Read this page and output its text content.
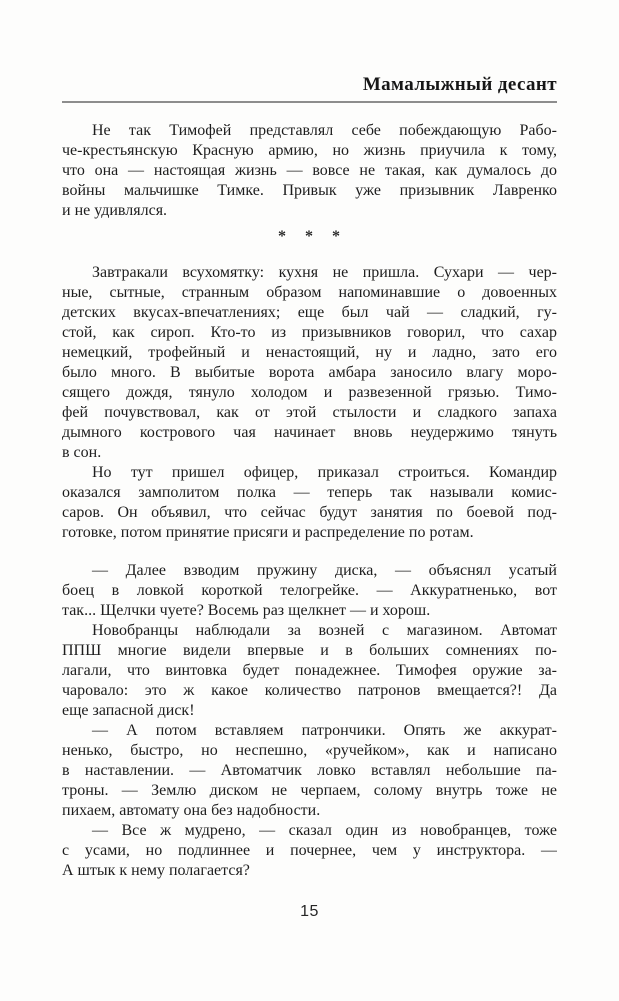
Мамалыжный десант
Не так Тимофей представлял себе побеждающую Рабо-
че-крестьянскую Красную армию, но жизнь приучила к тому,
что она — настоящая жизнь — вовсе не такая, как думалось до
войны мальчишке Тимке. Привык уже призывник Лавренко
и не удивлялся.
* * *
Завтракали всухомятку: кухня не пришла. Сухари — чер-
ные, сытные, странным образом напоминавшие о довоенных
детских вкусах-впечатлениях; еще был чай — сладкий, гу-
стой, как сироп. Кто-то из призывников говорил, что сахар
немецкий, трофейный и ненастоящий, ну и ладно, зато его
было много. В выбитые ворота амбара заносило влагу моро-
сящего дождя, тянуло холодом и развезенной грязью. Тимо-
фей почувствовал, как от этой стылости и сладкого запаха
дымного кострового чая начинает вновь неудержимо тянуть
в сон.
Но тут пришел офицер, приказал строиться. Командир
оказался замполитом полка — теперь так называли комис-
саров. Он объявил, что сейчас будут занятия по боевой под-
готовке, потом принятие присяги и распределение по ротам.
— Далее взводим пружину диска, — объяснял усатый
боец в ловкой короткой телогрейке. — Аккуратненько, вот
так... Щелчки чуете? Восемь раз щелкнет — и хорош.
Новобранцы наблюдали за возней с магазином. Автомат
ППШ многие видели впервые и в больших сомнениях по-
лагали, что винтовка будет понадежнее. Тимофея оружие за-
чаровало: это ж какое количество патронов вмещается?! Да
еще запасной диск!
— А потом вставляем патрончики. Опять же аккурат-
ненько, быстро, но неспешно, «ручейком», как и написано
в наставлении. — Автоматчик ловко вставлял небольшие па-
троны. — Землю диском не черпаем, солому внутрь тоже не
пихаем, автомату она без надобности.
— Все ж мудрено, — сказал один из новобранцев, тоже
с усами, но подлиннее и почернее, чем у инструктора. —
А штык к нему полагается?
15
